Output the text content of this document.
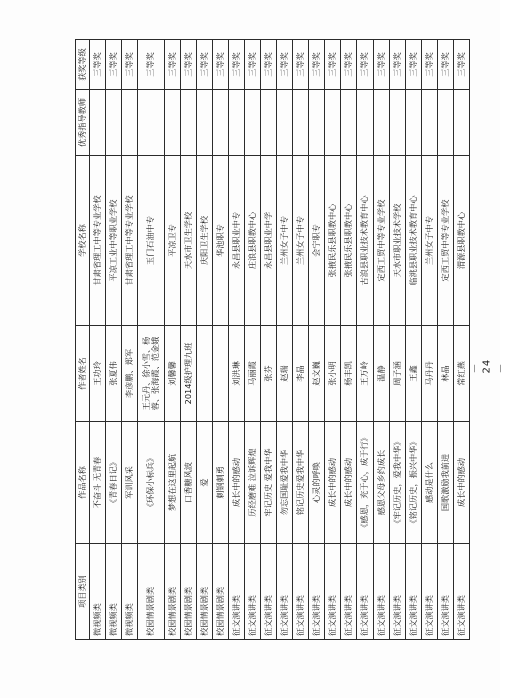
项目类别	作品名称	作者姓名	学校名称	优秀指导教师	获奖等级
微视频类	不奋斗 无青春	王功玲	甘肃省理工中等专业学校		三等奖
微视频类	《青春日记》	张夏伟	平凉工业中等职业学校		三等奖
微视频类	军训风采	李彦鹏、郑军	甘肃省理工中等专业学校		三等奖
校园情景剧类	《环保小标兵》	王元丹、徐小雪、杨蓉、张海霞、范金娥	玉门石油中专		三等奖
校园情景剧类	梦想在这里起航	刘馨馨	平凉卫专		三等奖
校园情景剧类	口香糖风波	2014级护理九班	天水市卫生学校		三等奖
校园情景剧类	爱		庆阳卫生学校		三等奖
校园情景剧类	刺钢刺勇		华池职专		三等奖
征文演讲类	成长中的感动	刘洪琳	永昌县职业中专		三等奖
征文演讲类	历经磨难 泣诉辉煌	马丽霞	庄浪县职教中心		三等奖
征文演讲类	牢记历史 爱我中华	张芬	永昌县职业中学		三等奖
征文演讲类	勿忘国耻爱我中华	赵瑞	兰州女子中专		三等奖
征文演讲类	铭记历史爱我中华	李晶	兰州女子中专		三等奖
征文演讲类	心灵的呼唤	赵文巍	会宁职专		三等奖
征文演讲类	成长中的感动	张小明	张掖民乐县职教中心		三等奖
征文演讲类	成长中的感动	杨丰凯	张掖民乐县职教中心		三等奖
征文演讲类	《感恩，充于心，成于行》	王万岭	古浪县职业技术教育中心		三等奖
征文演讲类	感恩父母乡约成长	温静	定西工贸中等专业学校		三等奖
征文演讲类	《牢记历史，爱我中华》	周子涵	天水市职业技术学校		三等奖
征文演讲类	《铭记历史，振兴中华》	王鑫	临洮县职业技术教育中心		三等奖
征文演讲类	感动是什么	马丹丹	兰州女子中专		三等奖
征文演讲类	国歌激励我前进	林晶	定西工贸中等专业学校		三等奖
征文演讲类	成长中的感动	常红燕	渭源县职教中心		三等奖
－ 24 －
